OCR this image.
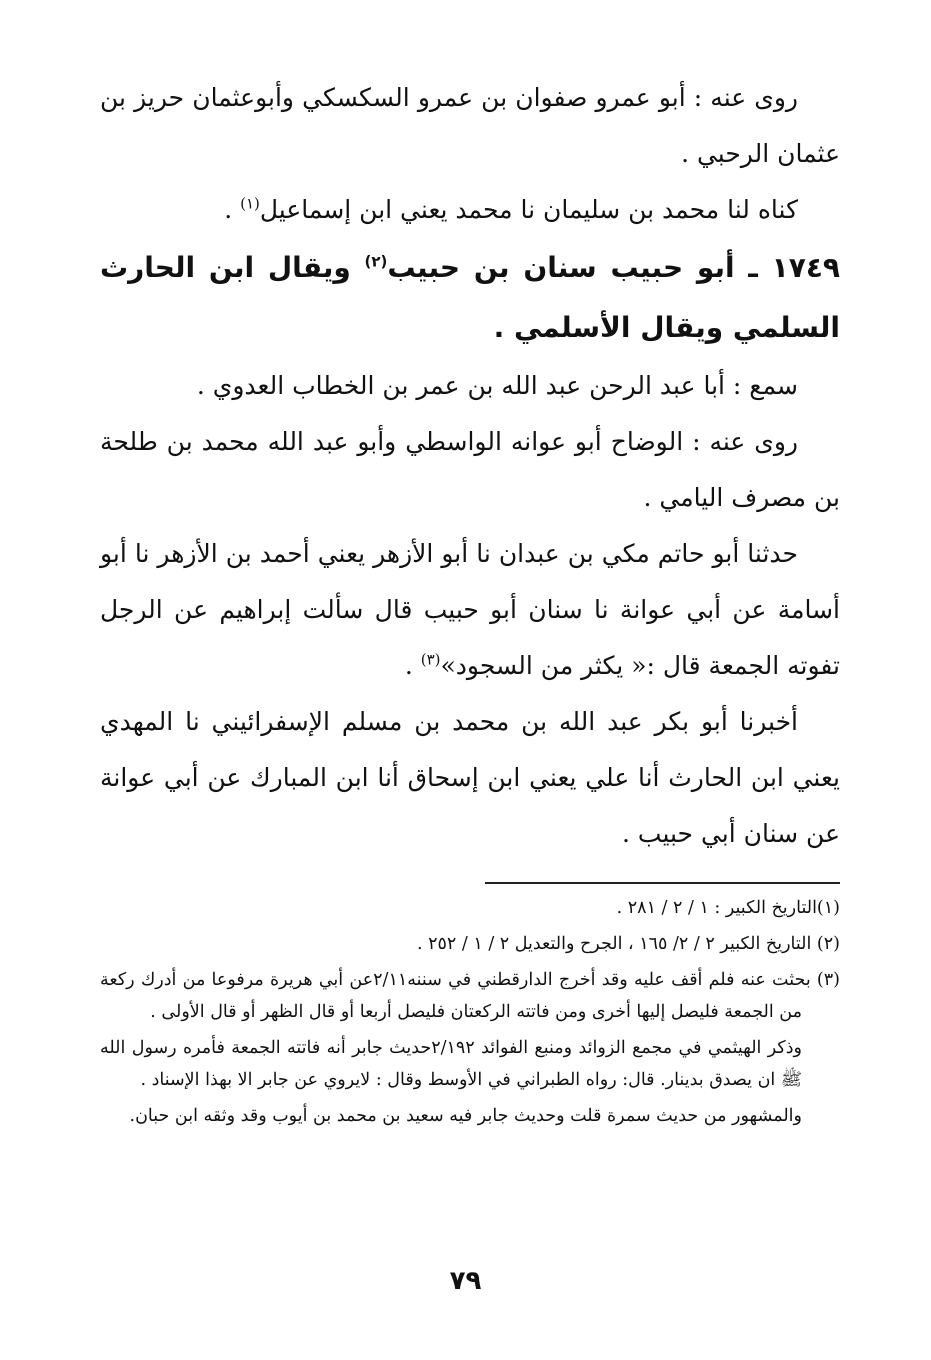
روى عنه : أبو عمرو صفوان بن عمرو السكسكي وأبوعثمان حريز بن عثمان الرحبي .

كناه لنا محمد بن سليمان نا محمد يعني ابن إسماعيل$^{(١)}$ .

١٧٤٩ ـ أبو حبيب سنان بن حبيب$^{(٢)}$ ويقال ابن الحارث السلمي ويقال الأسلمي .

سمع : أبا عبد الرحن عبد الله بن عمر بن الخطاب العدوي .

روى عنه : الوضاح أبو عوانه الواسطي وأبو عبد الله محمد بن طلحة بن مصرف اليامي .

حدثنا أبو حاتم مكي بن عبدان نا أبو الأزهر يعني أحمد بن الأزهر نا أبو أسامة عن أبي عوانة نا سنان أبو حبيب قال سألت إبراهيم عن الرجل تفوته الجمعة قال :« يكثر من السجود»$^{(٣)}$ .

أخبرنا أبو بكر عبد الله بن محمد بن مسلم الإسفرائيني نا المهدي يعني ابن الحارث أنا علي يعني ابن إسحاق أنا ابن المبارك عن أبي عوانة عن سنان أبي حبيب .

(١)التاريخ الكبير : ١ / ٢ / ٢٨١ .

(٢) التاريخ الكبير ٢ / ٢/ ١٦٥ ، الجرح والتعديل ٢ / ١ / ٢٥٢ .

(٣) بحثت عنه فلم أقف عليه وقد أخرج الدارقطني في سننه٢/١١عن أبي هريرة مرفوعا من أدرك ركعة من الجمعة فليصل إليها أخرى ومن فاتته الركعتان فليصل أربعا أو قال الظهر أو قال الأولى .

وذكر الهيثمي في مجمع الزوائد ومنبع الفوائد ٢/١٩٢حديث جابر أنه فاتته الجمعة فأمره رسول الله ﷺ ان يصدق بدينار. قال: رواه الطبراني في الأوسط وقال : لايروي عن جابر الا بهذا الإسناد .

والمشهور من حديث سمرة قلت وحديث جابر فيه سعيد بن محمد بن أيوب وقد وثقه ابن حبان.

٧٩
